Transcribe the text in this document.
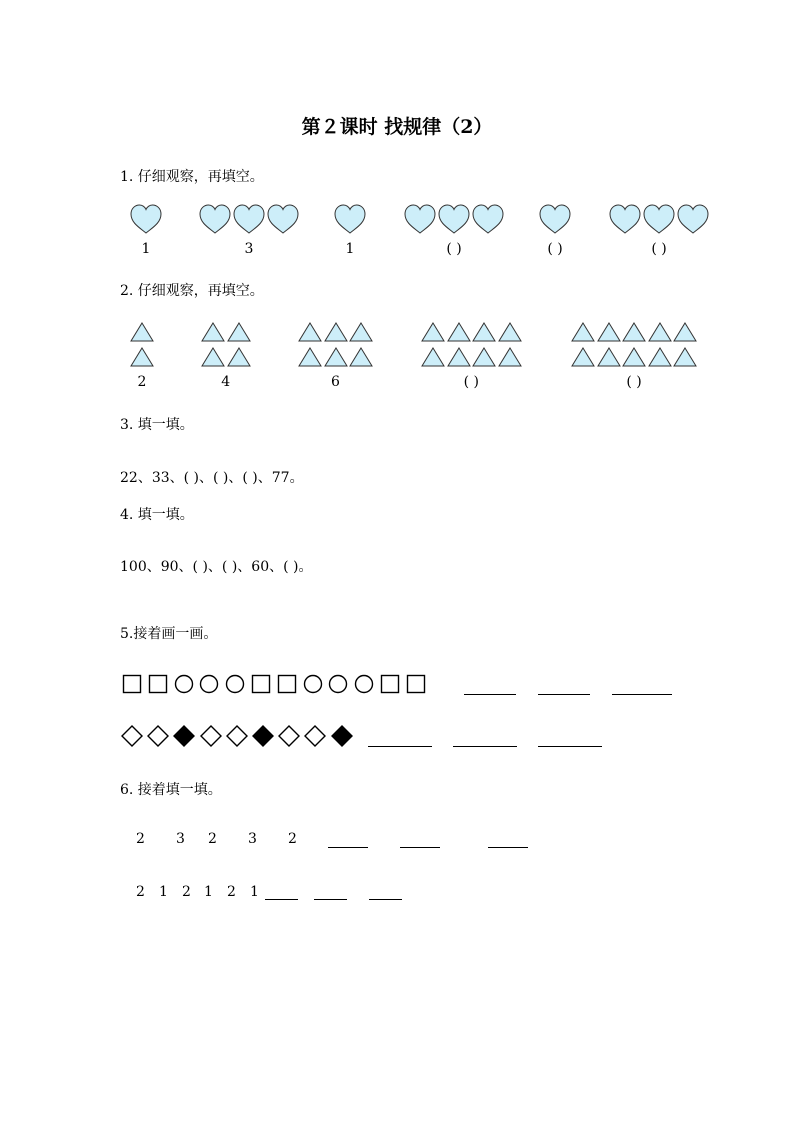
第２课时 找规律（2）
1. 仔细观察，再填空。
1	3	1	( )	( )	( )
2. 仔细观察，再填空。
2	4	6	( )	( )
3. 填一填。
22、33、( )、( )、( )、77。
4. 填一填。
100、90、( )、( )、60、( )。
5.接着画一画。
6. 接着填一填。
2 3 2 3 2
2 1 2 1 2 1
